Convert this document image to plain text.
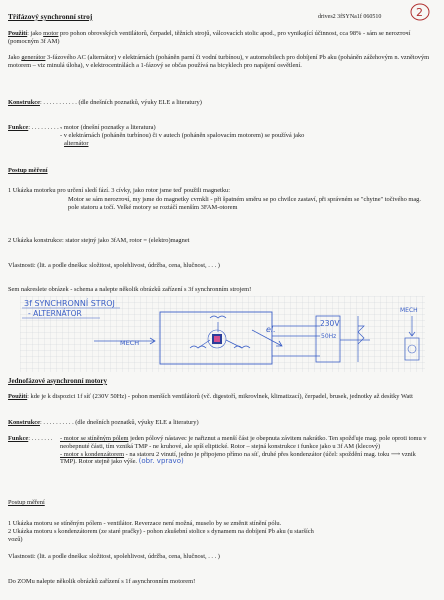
Třífázový synchronní stroj	drives2 3fSYNa1f 060510	2
Použití: jako motor pro pohon obrovských ventilátorů, čerpadel, těžních strojů, válcovacích stolic apod., pro vynikající účinnost, cca 98% - sám se nerozточí (pomocným 3f AM)
Jako generátor 3-fázového AC (alternátor) v elektrárnách (poháněn parní či vodní turbínou), v automobilech pro dobíjení Pb aku (poháněn zážehovým n. vznětovým motorem – viz minulá úloha), v elektrocentrálách a 1-fázový se občas používá na bicyklech pro napájení osvětlení.
Konstrukce: . . . . . . . . . . . (dle dnešních poznatků, výuky ELE a literatury)
Funkce: . . . . . . . . . .
- motor (dnešní poznatky a literatura)
- v elektrárnách (poháněn turbínou) či v autech (poháněn spalovacím motorem) se používá jako
alternátor
Postup měření
1 Ukázka motorku pro určení sledí fází. 3 cívky, jako rotor jsme teď použili magnetku:
Motor se sám nerozточí, my jsme do magnetky cvrnkli - při špatném směru se po chvilce zastaví, při správném se "chytne" točivého mag. pole statoru a točí. Velké motory se roztáčí menším 3FAM-otorem
2 Ukázka konstrukce: stator stejný jako 3fAM, rotor = (elektro)magnet
Vlastnosti: (lit. a podle dneška: složitost, spolehlivost, údržba, cena, hlučnost, . . . )
Sem nakreslete obrázek - schema a nalepte několik obrázků zařízení s 3f synchronním strojem!
3f SYNCHRONNÍ STROJ
- ALTERNÁTOR
MECH
el.
230V
50Hz
MECH
Jednofázové asynchronní motory
Použití: kde je k dispozici 1f síť (230V 50Hz) - pohon menších ventilátorů (vč. digestoří, mikrovlnek, klimatizací), čerpadel, brusek, jednotky až desítky Watt
Konstrukce: . . . . . . . . . . (dle dnešních poznatků, výuky ELE a literatury)
Funkce: . . . . . . .	- motor se stíněným pólem jeden pólový nástavec je nařiznut a menší část je obepnuta závitem nakrátko. Ten spožďuje mag. pole oproti tomu v neobepnuté části, tím vzniká TMP - ne kruhové, ale spíš eliptické. Rotor – stejná konstrukce i funkce jako u 3f AM (klecový)
- motor s kondenzátorem - na statoru 2 vinutí, jedno je připojeno přímo na síť, druhé přes kondenzátor (účel: spoždění mag. toku ⟶ vznik TMP). Rotor stejně jako výše. (obr. vpravo)
Postup měření
1 Ukázka motoru se stíněným pólem - ventilátor. Reverzace není možná, muselo by se změnit stínění pólu.
2 Ukázka motoru s kondenzátorem (ze staré pračky) - pohon zkušební stolice s dynamem na dobíjení Pb aku (u starších vozů)
Vlastnosti: (lit. a podle dneška: složitost, spolehlivost, údržba, cena, hlučnost, . . . )
Do ZOMu nalepte několik obrázků zařízení s 1f asynchronním motorem!
